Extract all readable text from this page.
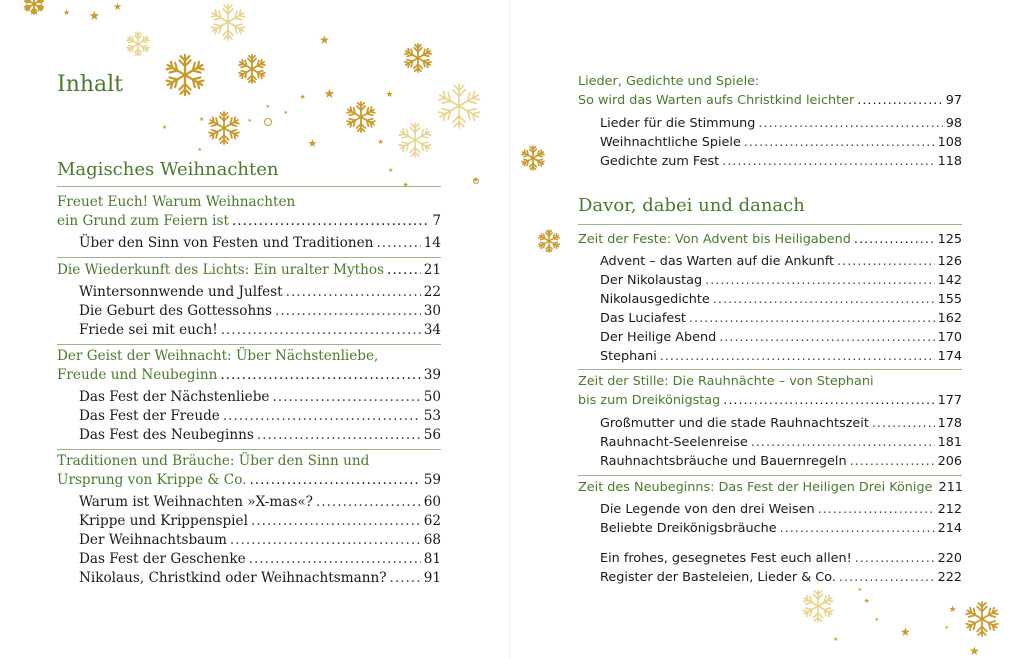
Inhalt
Magisches Weihnachten
Freuet Euch! Warum Weihnachten
ein Grund zum Feiern ist .....	7
Über den Sinn von Festen und Traditionen .....	14
Die Wiederkunft des Lichts: Ein uralter Mythos .....	21
Wintersonnwende und Julfest .....	22
Die Geburt des Gottessohns .....	30
Friede sei mit euch! .....	34
Der Geist der Weihnacht: Über Nächstenliebe,
Freude und Neubeginn .....	39
Das Fest der Nächstenliebe .....	50
Das Fest der Freude .....	53
Das Fest des Neubeginns .....	56
Traditionen und Bräuche: Über den Sinn und
Ursprung von Krippe & Co. .....	59
Warum ist Weihnachten »X-mas«? .....	60
Krippe und Krippenspiel .....	62
Der Weihnachtsbaum .....	68
Das Fest der Geschenke .....	81
Nikolaus, Christkind oder Weihnachtsmann? .....	91
Lieder, Gedichte und Spiele:
So wird das Warten aufs Christkind leichter .....	97
Lieder für die Stimmung .....	98
Weihnachtliche Spiele .....	108
Gedichte zum Fest .....	118
Davor, dabei und danach
Zeit der Feste: Von Advent bis Heiligabend .....	125
Advent – das Warten auf die Ankunft .....	126
Der Nikolaustag .....	142
Nikolausgedichte .....	155
Das Luciafest .....	162
Der Heilige Abend .....	170
Stephani .....	174
Zeit der Stille: Die Rauhnächte – von Stephani
bis zum Dreikönigstag .....	177
Großmutter und die stade Rauhnachtszeit .....	178
Rauhnacht-Seelenreise .....	181
Rauhnachtsbräuche und Bauernregeln .....	206
Zeit des Neubeginns: Das Fest der Heiligen Drei Könige 211
Die Legende von den drei Weisen .....	212
Beliebte Dreikönigsbräuche .....	214
Ein frohes, gesegnetes Fest euch allen! .....	220
Register der Basteleien, Lieder & Co. .....	222
★
★
★
★
★ ★	★
★	★
★
★
★
★
★
★
★
★
★
★
★
★
★
★
★
★
★
